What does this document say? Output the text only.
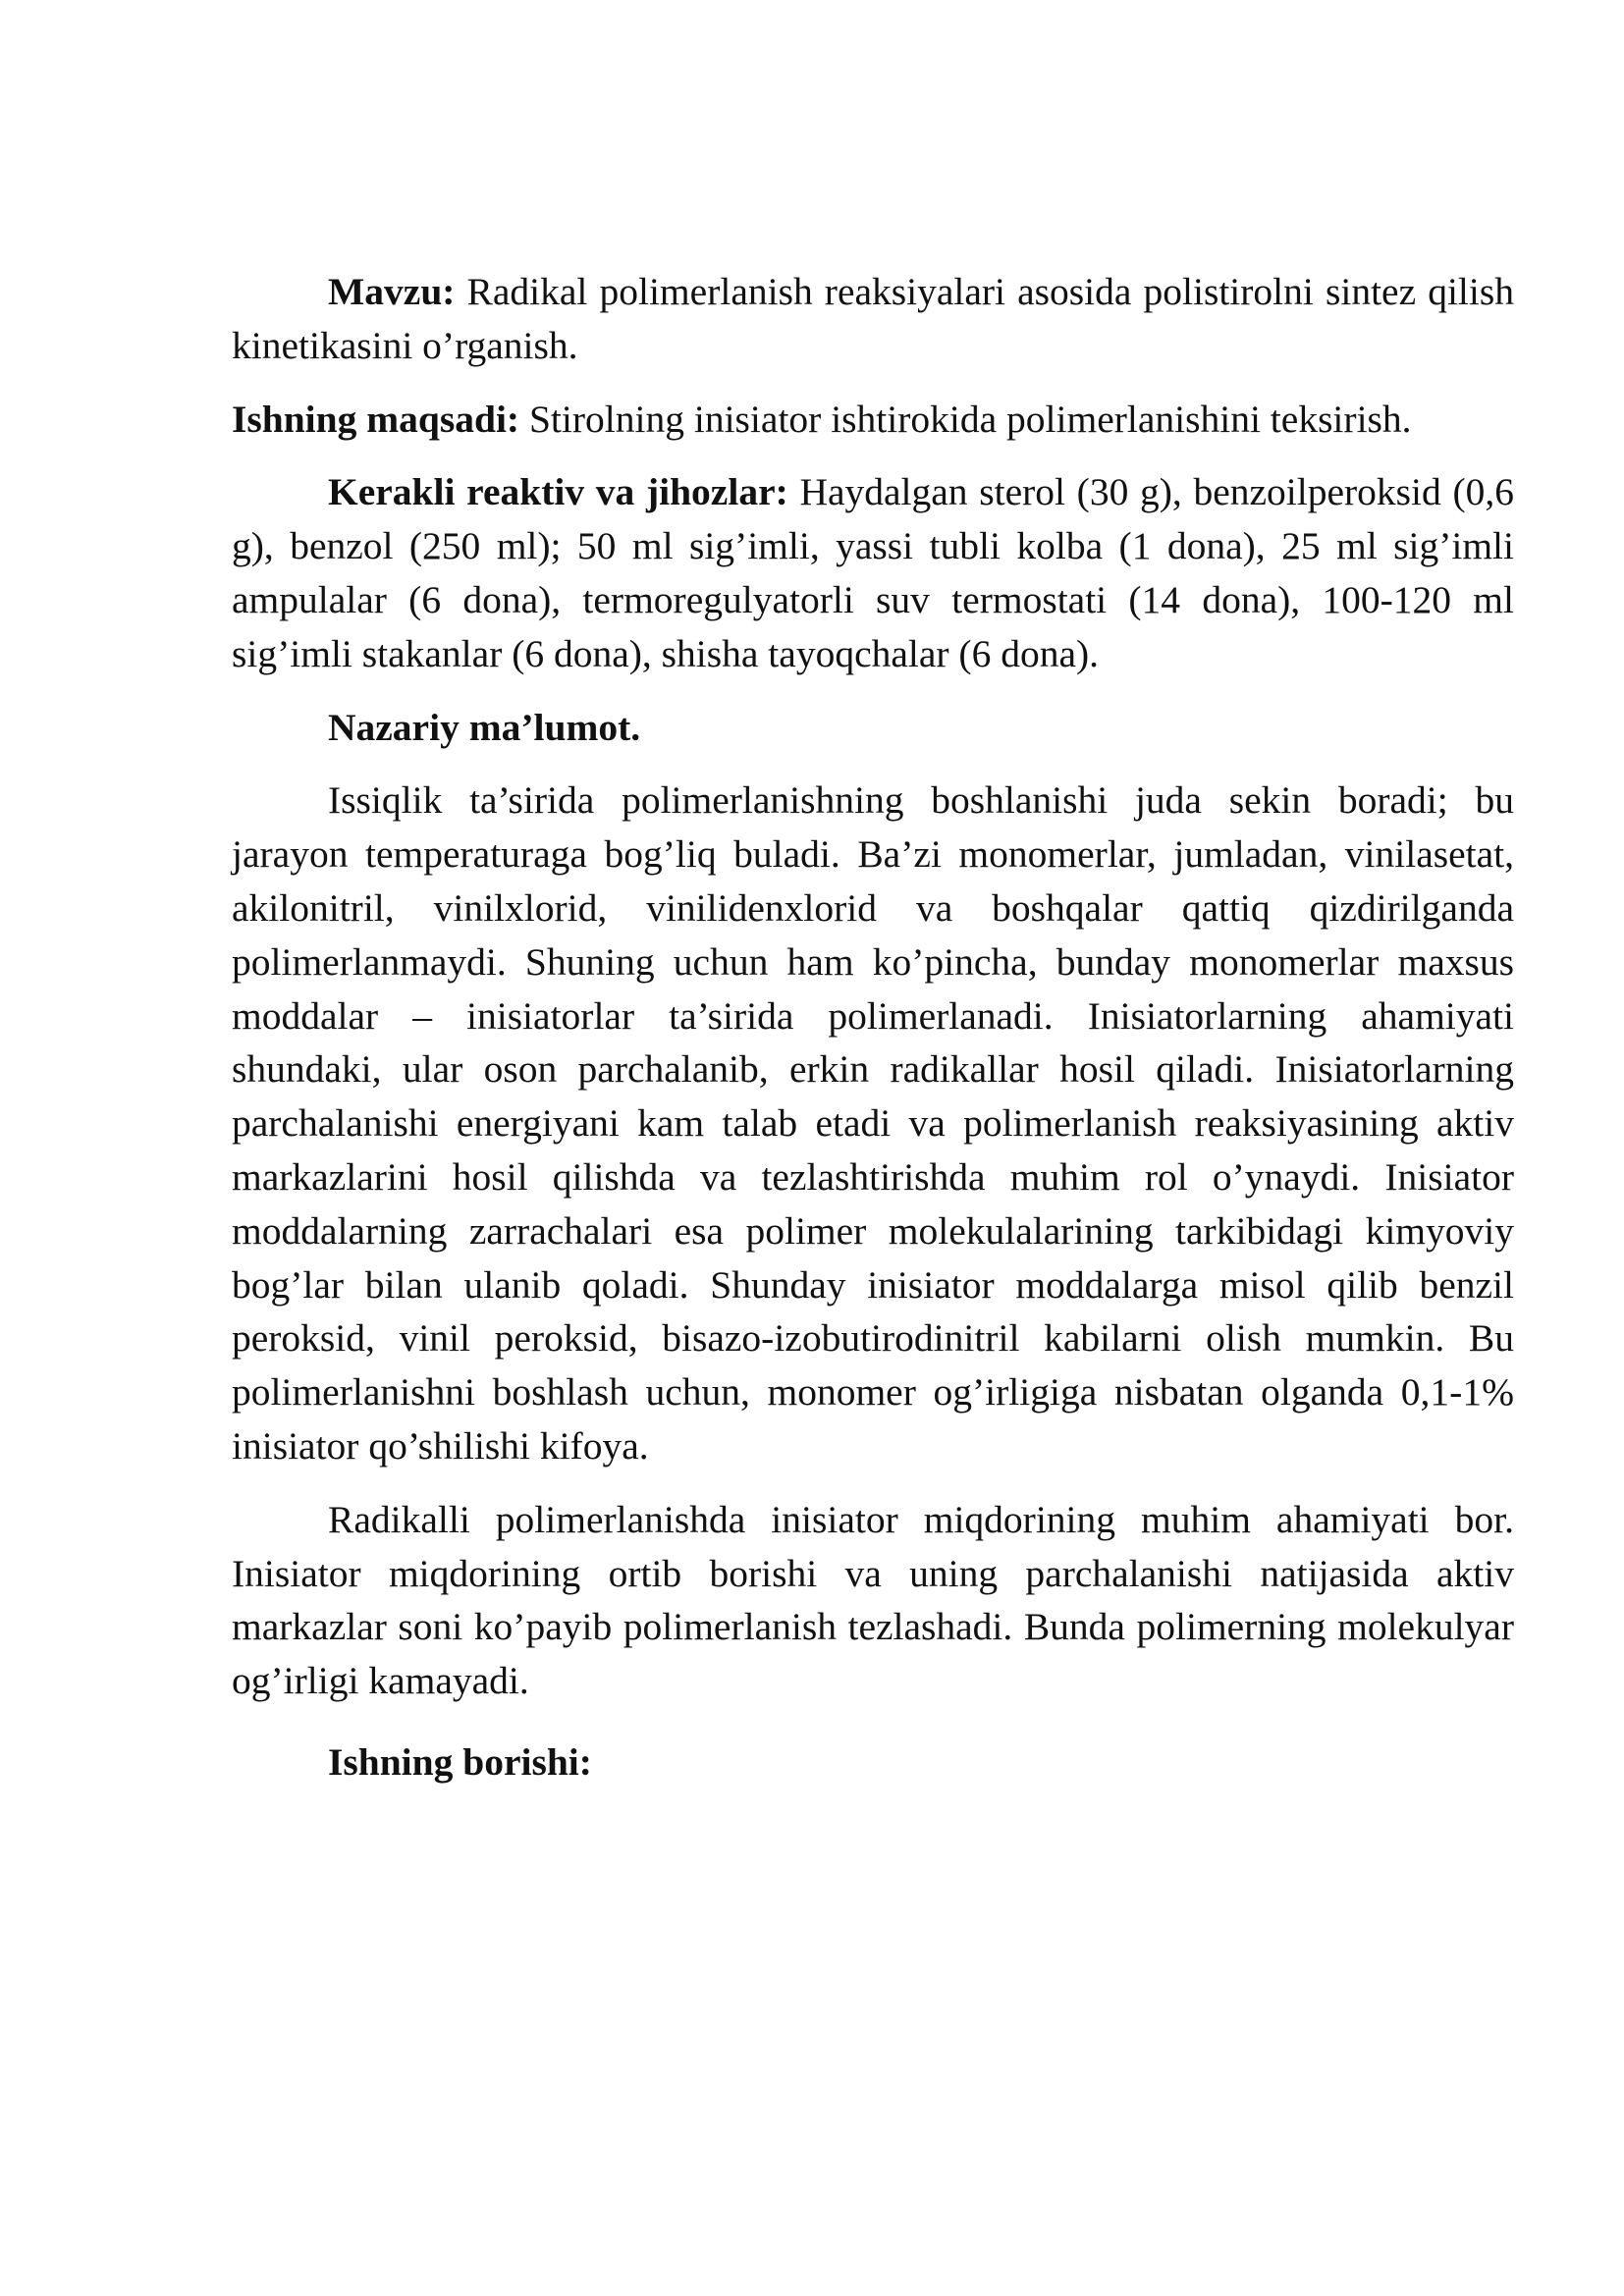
Mavzu: Radikal polimerlanish reaksiyalari asosida polistirolni sintez qilish kinetikasini o’rganish.

Ishning maqsadi: Stirolning inisiator ishtirokida polimerlanishini teksirish.

Kerakli reaktiv va jihozlar: Haydalgan sterol (30 g), benzoilperoksid (0,6 g), benzol (250 ml); 50 ml sig’imli, yassi tubli kolba (1 dona), 25 ml sig’imli ampulalar (6 dona), termoregulyatorli suv termostati (14 dona), 100-120 ml sig’imli stakanlar (6 dona), shisha tayoqchalar (6 dona).

Nazariy ma’lumot.

Issiqlik ta’sirida polimerlanishning boshlanishi juda sekin boradi; bu jarayon temperaturaga bog’liq buladi. Ba’zi monomerlar, jumladan, vinilasetat, akilonitril, vinilxlorid, vinilidenxlorid va boshqalar qattiq qizdirilganda polimerlanmaydi. Shuning uchun ham ko’pincha, bunday monomerlar maxsus moddalar – inisiatorlar ta’sirida polimerlanadi. Inisiatorlarning ahamiyati shundaki, ular oson parchalanib, erkin radikallar hosil qiladi. Inisiatorlarning parchalanishi energiyani kam talab etadi va polimerlanish reaksiyasining aktiv markazlarini hosil qilishda va tezlashtirishda muhim rol o’ynaydi. Inisiator moddalarning zarrachalari esa polimer molekulalarining tarkibidagi kimyoviy bog’lar bilan ulanib qoladi. Shunday inisiator moddalarga misol qilib benzil peroksid, vinil peroksid, bisazo-izobutirodinitril kabilarni olish mumkin. Bu polimerlanishni boshlash uchun, monomer og’irligiga nisbatan olganda 0,1-1% inisiator qo’shilishi kifoya.

Radikalli polimerlanishda inisiator miqdorining muhim ahamiyati bor. Inisiator miqdorining ortib borishi va uning parchalanishi natijasida aktiv markazlar soni ko’payib polimerlanish tezlashadi. Bunda polimerning molekulyar og’irligi kamayadi.

Ishning borishi:
